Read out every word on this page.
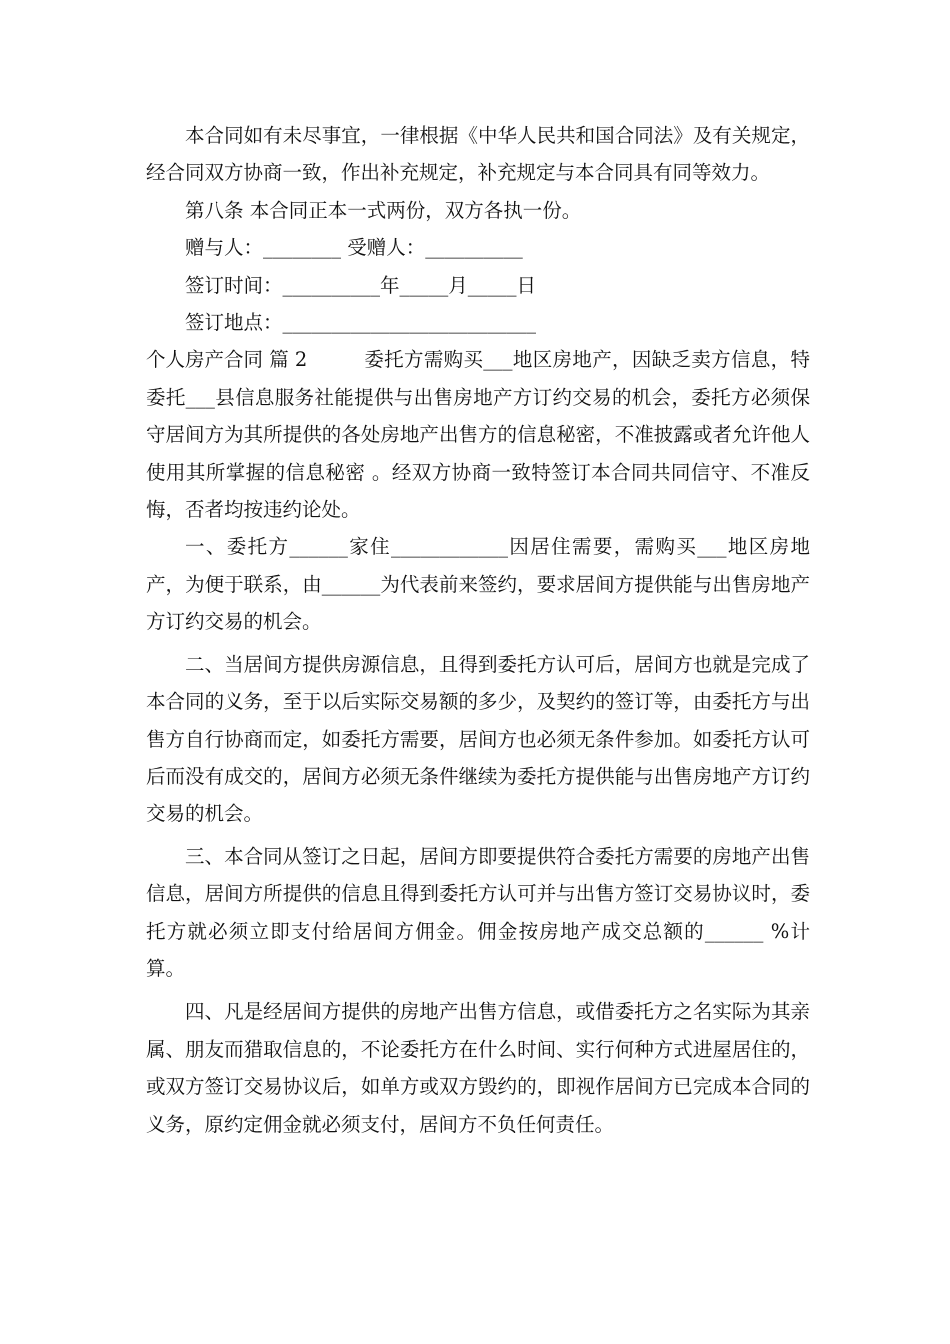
本合同如有未尽事宜，一律根据《中华人民共和国合同法》及有关规定，经合同双方协商一致，作出补充规定，补充规定与本合同具有同等效力。

第八条 本合同正本一式两份，双方各执一份。

赠与人：________ 受赠人：__________

签订时间：__________年_____月_____日

签订地点：__________________________

个人房产合同 篇 2	委托方需购买___地区房地产，因缺乏卖方信息，特委托___县信息服务社能提供与出售房地产方订约交易的机会，委托方必须保守居间方为其所提供的各处房地产出售方的信息秘密，不准披露或者允许他人使用其所掌握的信息秘密 。经双方协商一致特签订本合同共同信守、不准反悔，否者均按违约论处。

一、委托方______家住____________因居住需要，需购买___地区房地产，为便于联系，由______为代表前来签约，要求居间方提供能与出售房地产方订约交易的机会。

二、当居间方提供房源信息，且得到委托方认可后，居间方也就是完成了本合同的义务，至于以后实际交易额的多少，及契约的签订等，由委托方与出售方自行协商而定，如委托方需要，居间方也必须无条件参加。如委托方认可后而没有成交的，居间方必须无条件继续为委托方提供能与出售房地产方订约交易的机会。

三、本合同从签订之日起，居间方即要提供符合委托方需要的房地产出售信息，居间方所提供的信息且得到委托方认可并与出售方签订交易协议时，委托方就必须立即支付给居间方佣金。佣金按房地产成交总额的______ %计算。

四、凡是经居间方提供的房地产出售方信息，或借委托方之名实际为其亲属、朋友而猎取信息的，不论委托方在什么时间、实行何种方式进屋居住的，或双方签订交易协议后，如单方或双方毁约的，即视作居间方已完成本合同的义务，原约定佣金就必须支付，居间方不负任何责任。
